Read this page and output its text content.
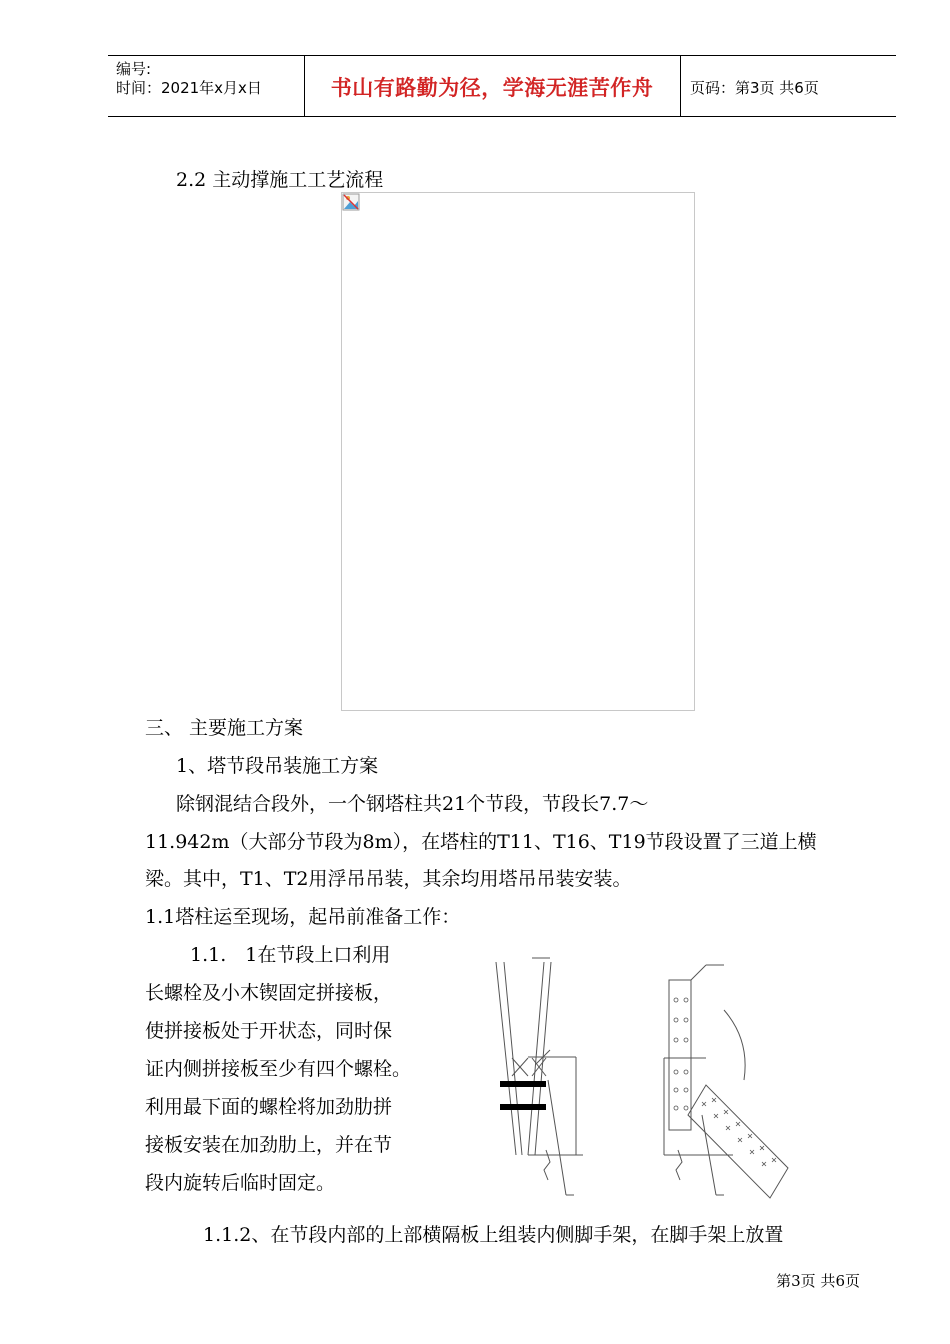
编号:
时间：2021年x月x日	书山有路勤为径，学海无涯苦作舟	页码：第3页 共6页
2.2 主动撑施工工艺流程
三、 主要施工方案
1、塔节段吊装施工方案
除钢混结合段外，一个钢塔柱共21个节段，节段长7.7～
11.942m（大部分节段为8m），在塔柱的T11、T16、T19节段设置了三道上横
梁。其中，T1、T2用浮吊吊装，其余均用塔吊吊装安装。
1.1塔柱运至现场，起吊前准备工作：
1.1.　1在节段上口利用
长螺栓及小木锲固定拼接板，
使拼接板处于开状态，同时保
证内侧拼接板至少有四个螺栓。
利用最下面的螺栓将加劲肋拼
接板安装在加劲肋上，并在节
段内旋转后临时固定。
1.1.2、在节段内部的上部横隔板上组装内侧脚手架，在脚手架上放置
第3页 共6页
